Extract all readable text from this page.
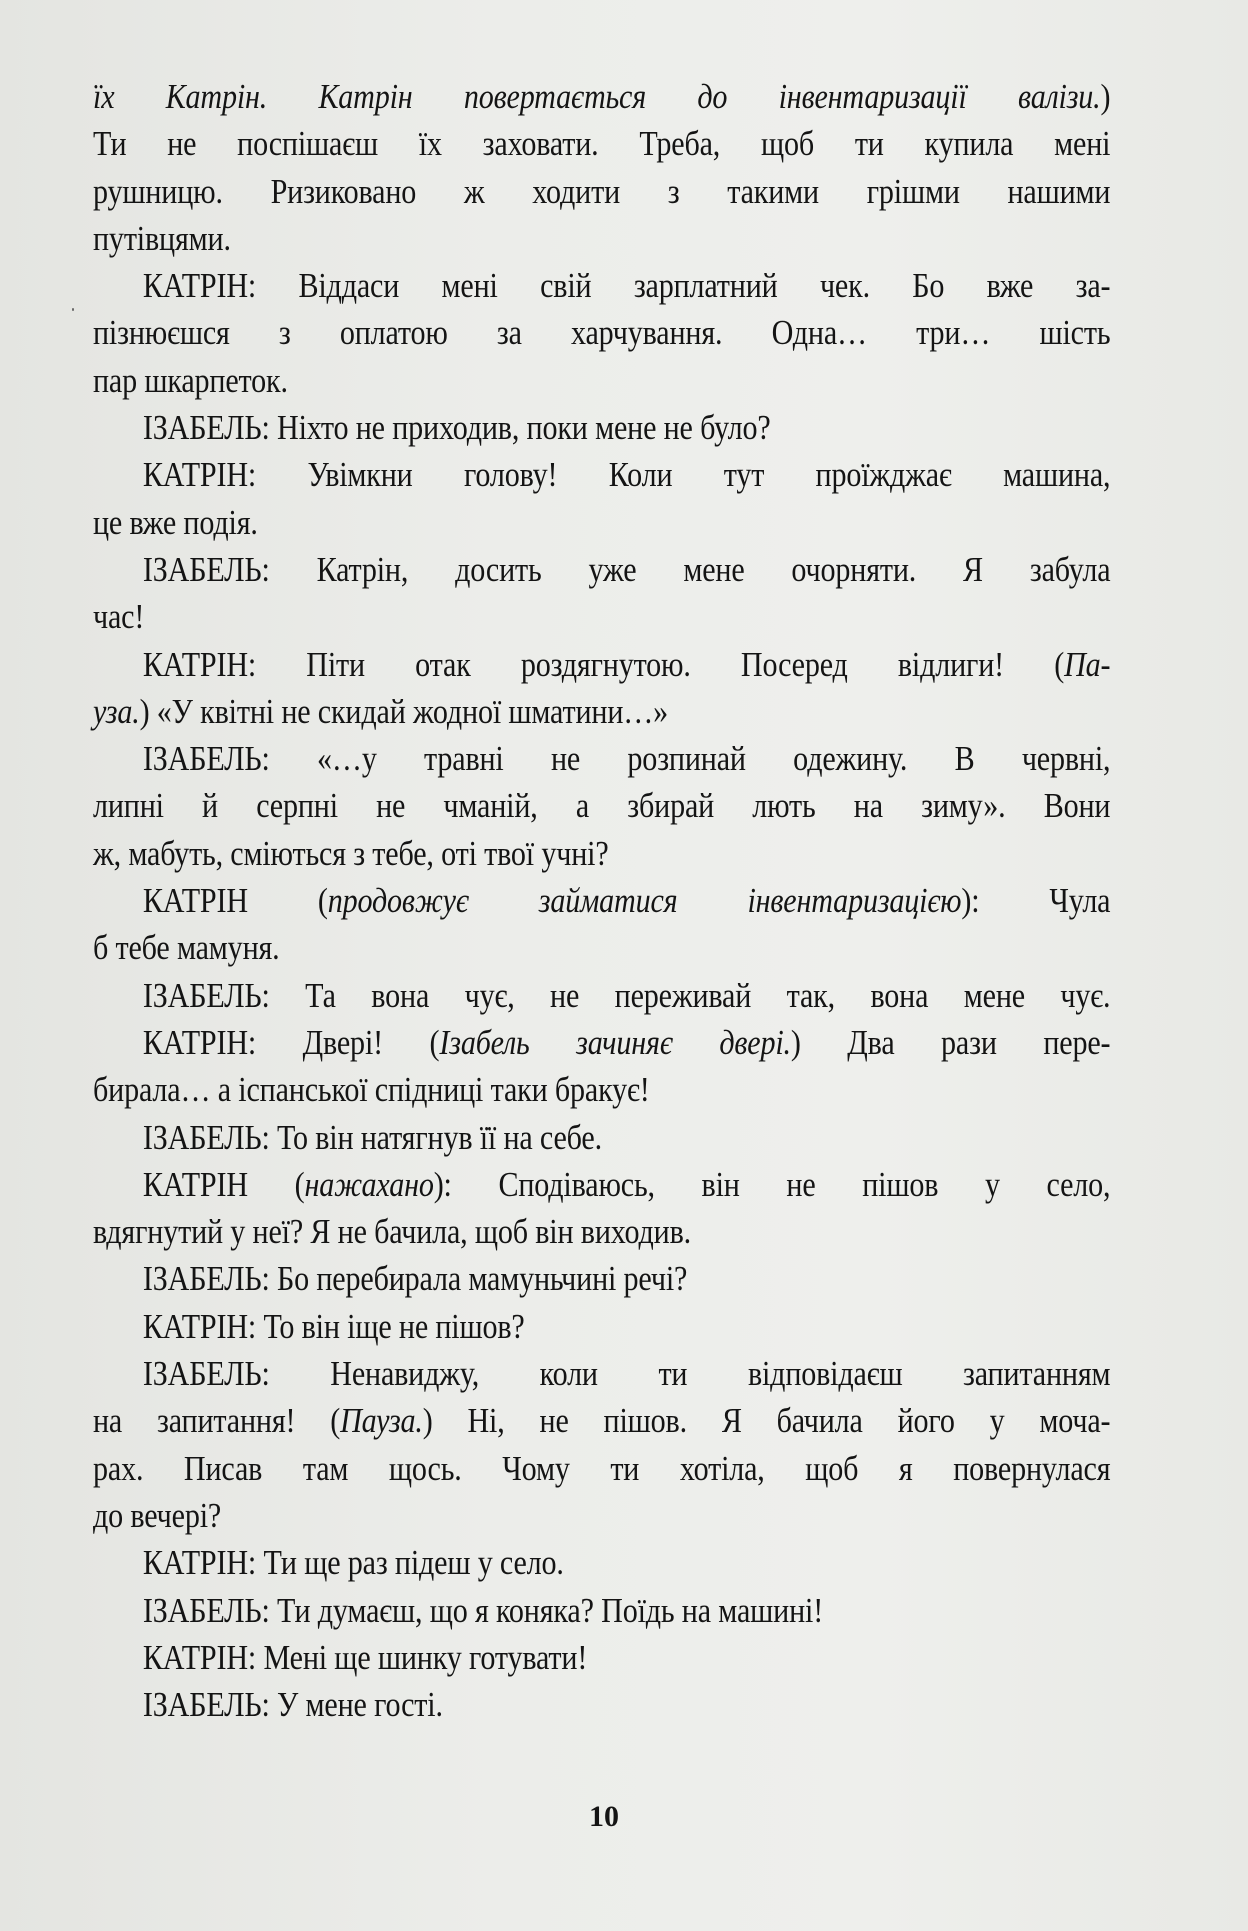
їх Катрін. Катрін повертається до інвентаризації валізи.)
Ти не поспішаєш їх заховати. Треба, щоб ти купила мені
рушницю. Ризиковано ж ходити з такими грішми нашими
путівцями.
КАТРІН: Віддаси мені свій зарплатний чек. Бо вже за-
пізнюєшся з оплатою за харчування. Одна… три… шість
пар шкарпеток.
ІЗАБЕЛЬ: Ніхто не приходив, поки мене не було?
КАТРІН: Увімкни голову! Коли тут проїжджає машина,
це вже подія.
ІЗАБЕЛЬ: Катрін, досить уже мене очорняти. Я забула
час!
КАТРІН: Піти отак роздягнутою. Посеред відлиги! (Па-
уза.) «У квітні не скидай жодної шматини…»
ІЗАБЕЛЬ: «…у травні не розпинай одежину. В червні,
липні й серпні не чманій, а збирай лють на зиму». Вони
ж, мабуть, сміються з тебе, оті твої учні?
КАТРІН (продовжує займатися інвентаризацією): Чула
б тебе мамуня.
ІЗАБЕЛЬ: Та вона чує, не переживай так, вона мене чує.
КАТРІН: Двері! (Ізабель зачиняє двері.) Два рази пере-
бирала… а іспанської спідниці таки бракує!
ІЗАБЕЛЬ: То він натягнув її на себе.
КАТРІН (нажахано): Сподіваюсь, він не пішов у село,
вдягнутий у неї? Я не бачила, щоб він виходив.
ІЗАБЕЛЬ: Бо перебирала мамуньчині речі?
КАТРІН: То він іще не пішов?
ІЗАБЕЛЬ: Ненавиджу, коли ти відповідаєш запитанням
на запитання! (Пауза.) Ні, не пішов. Я бачила його у моча-
рах. Писав там щось. Чому ти хотіла, щоб я повернулася
до вечері?
КАТРІН: Ти ще раз підеш у село.
ІЗАБЕЛЬ: Ти думаєш, що я коняка? Поїдь на машині!
КАТРІН: Мені ще шинку готувати!
ІЗАБЕЛЬ: У мене гості.
10
